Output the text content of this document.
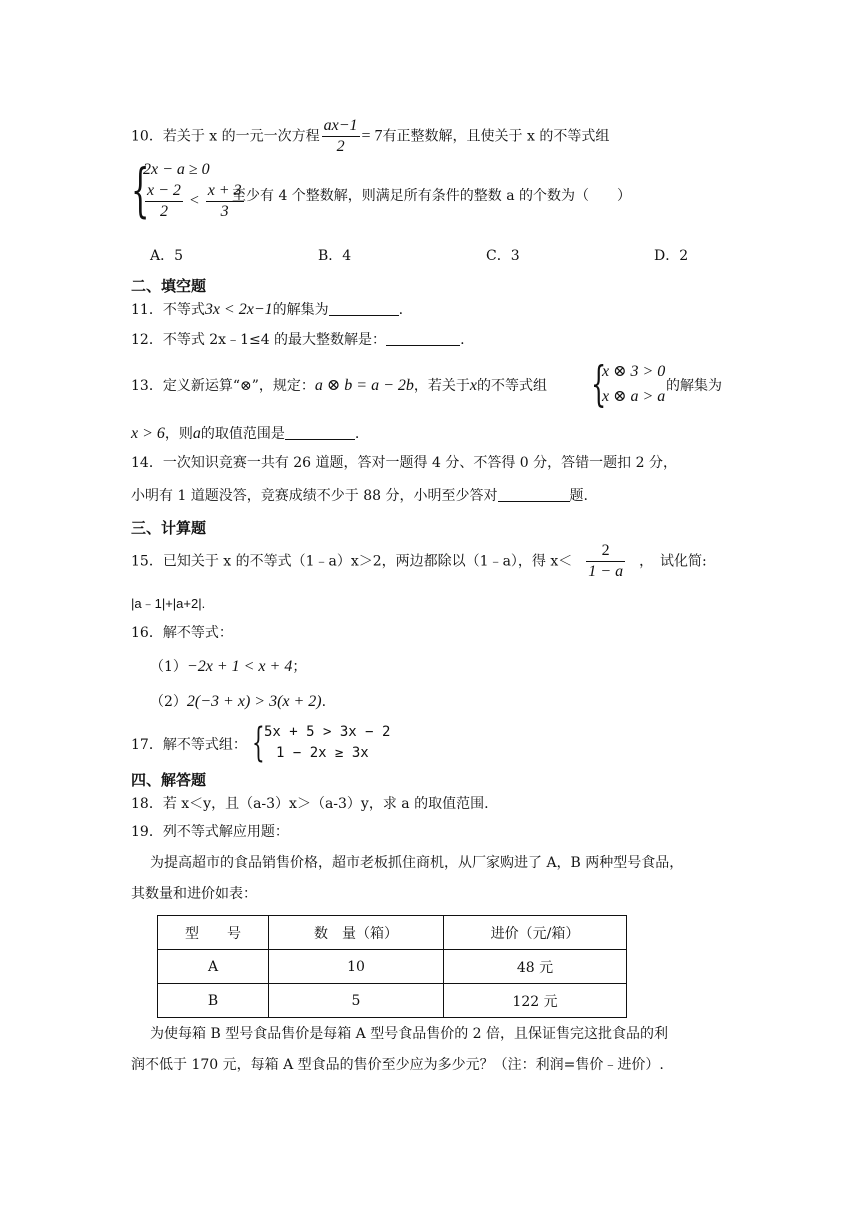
10．若关于 x 的一元一次方程 $\frac{ax-1}{2} = 7$有正整数解，且使关于 x 的不等式组
{
2x − a ≥ 0
$\frac{x - 2}{2} < \frac{x + 3}{3}$
至少有 4 个整数解，则满足所有条件的整数 a 的个数为（　　）
A．5	B．4	C．3	D．2
二、填空题
11．不等式3x < 2x−1的解集为	.
12．不等式 2x﹣1≤4 的最大整数解是：	.
13．定义新运算“⊗”，规定：a ⊗ b = a − 2b，若关于x的不等式组 {
x ⊗ 3 > 0
x ⊗ a > a
的解集为
x > 6，则a的取值范围是	.
14．一次知识竞赛一共有 26 道题，答对一题得 4 分、不答得 0 分，答错一题扣 2 分，
小明有 1 道题没答，竞赛成绩不少于 88 分，小明至少答对	题.
三、计算题
15．已知关于 x 的不等式（1﹣a）x＞2，两边都除以（1﹣a），得 $x< \frac{2}{1 - a}$ ，　试化简:
|a﹣1|+|a+2|.
16．解不等式：
（1）−2x + 1 < x + 4；
（2）2(−3 + x) > 3(x + 2).
17．解不等式组： { 5x + 5 > 3x − 2
1 − 2x ≥ 3x
四、解答题
18．若 x＜y，且（a-3）x＞（a-3）y，求 a 的取值范围.
19．列不等式解应用题：
为提高超市的食品销售价格，超市老板抓住商机，从厂家购进了 A，B 两种型号食品，
其数量和进价如表：
型　　号	数　量（箱）	进价（元/箱）
A	10	48 元
B	5	122 元
为使每箱 B 型号食品售价是每箱 A 型号食品售价的 2 倍，且保证售完这批食品的利
润不低于 170 元，每箱 A 型食品的售价至少应为多少元？（注：利润=售价﹣进价）.
